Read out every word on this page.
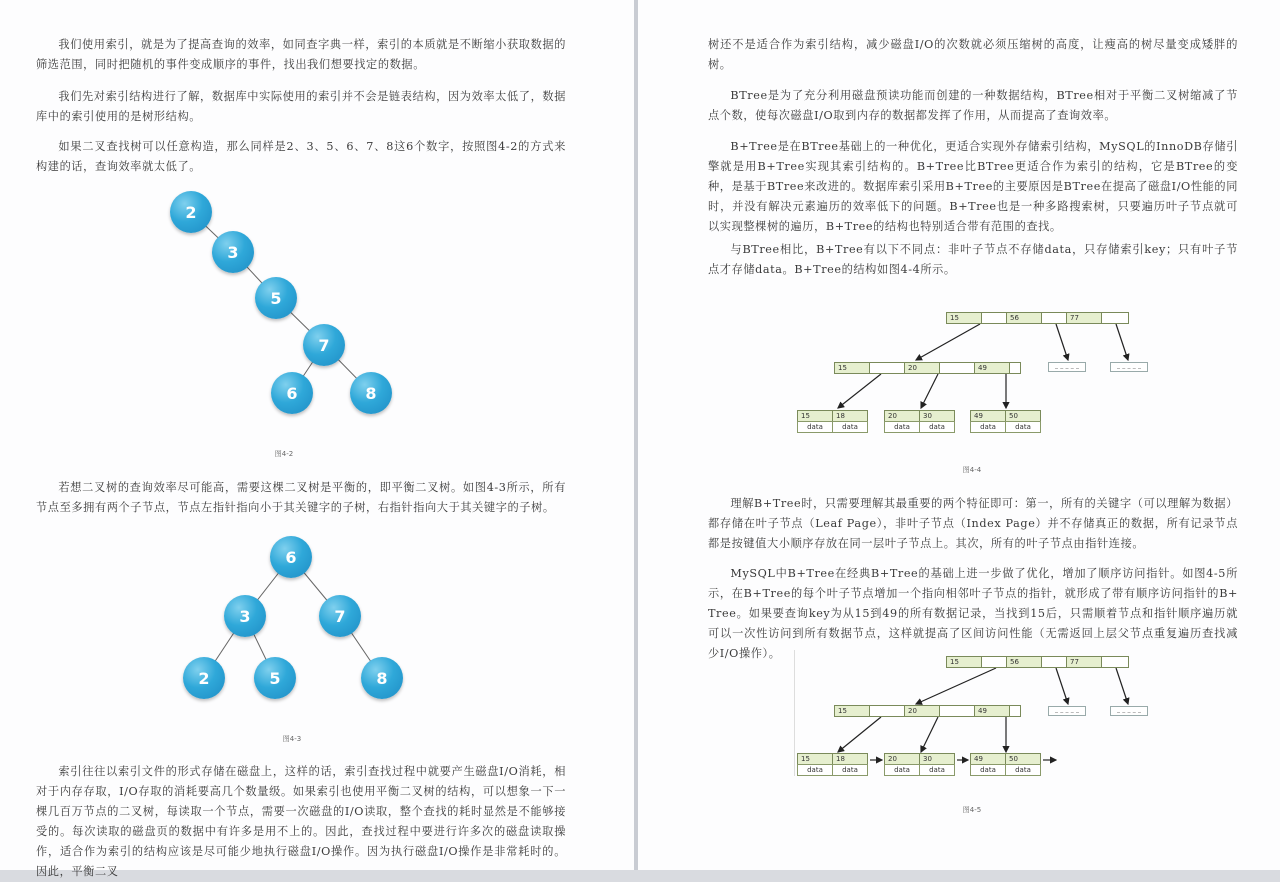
我们使用索引，就是为了提高查询的效率，如同查字典一样，索引的本质就是不断缩小获取数据的筛选范围，同时把随机的事件变成顺序的事件，找出我们想要找定的数据。

我们先对索引结构进行了解，数据库中实际使用的索引并不会是链表结构，因为效率太低了，数据库中的索引使用的是树形结构。

如果二叉查找树可以任意构造，那么同样是2、3、5、6、7、8这6个数字，按照图4-2的方式来构建的话，查询效率就太低了。

2
3
5
7
6	8
图4-2

若想二叉树的查询效率尽可能高，需要这棵二叉树是平衡的，即平衡二叉树。如图4-3所示，所有节点至多拥有两个子节点，节点左指针指向小于其关键字的子树，右指针指向大于其关键字的子树。

6
3	7
2	5	8
图4-3

索引往往以索引文件的形式存储在磁盘上，这样的话，索引查找过程中就要产生磁盘I/O消耗，相对于内存存取，I/O存取的消耗要高几个数量级。如果索引也使用平衡二叉树的结构，可以想象一下一棵几百万节点的二叉树，每读取一个节点，需要一次磁盘的I/O读取，整个查找的耗时显然是不能够接受的。每次读取的磁盘页的数据中有许多是用不上的。因此，查找过程中要进行许多次的磁盘读取操作，适合作为索引的结构应该是尽可能少地执行磁盘I/O操作。因为执行磁盘I/O操作是非常耗时的。因此，平衡二叉

树还不是适合作为索引结构，减少磁盘I/O的次数就必须压缩树的高度，让瘦高的树尽量变成矮胖的树。

BTree是为了充分利用磁盘预读功能而创建的一种数据结构，BTree相对于平衡二叉树缩减了节点个数，使每次磁盘I/O取到内存的数据都发挥了作用，从而提高了查询效率。

B+Tree是在BTree基础上的一种优化，更适合实现外存储索引结构，MySQL的InnoDB存储引擎就是用B+Tree实现其索引结构的。B+Tree比BTree更适合作为索引的结构，它是BTree的变种，是基于BTree来改进的。数据库索引采用B+Tree的主要原因是BTree在提高了磁盘I/O性能的同时，并没有解决元素遍历的效率低下的问题。B+Tree也是一种多路搜索树，只要遍历叶子节点就可以实现整棵树的遍历，B+Tree的结构也特别适合带有范围的查找。

与BTree相比，B+Tree有以下不同点：非叶子节点不存储data，只存储索引key；只有叶子节点才存储data。B+Tree的结构如图4-4所示。

15	56	77
15	20	49
15	18
data	data
20	30
data	data
49	50
data	data
图4-4

理解B+Tree时，只需要理解其最重要的两个特征即可：第一，所有的关键字（可以理解为数据）都存储在叶子节点（Leaf Page），非叶子节点（Index Page）并不存储真正的数据，所有记录节点都是按键值大小顺序存放在同一层叶子节点上。其次，所有的叶子节点由指针连接。

MySQL中B+Tree在经典B+Tree的基础上进一步做了优化，增加了顺序访问指针。如图4-5所示，在B+Tree的每个叶子节点增加一个指向相邻叶子节点的指针，就形成了带有顺序访问指针的B+Tree。如果要查询key为从15到49的所有数据记录，当找到15后，只需顺着节点和指针顺序遍历就可以一次性访问到所有数据节点，这样就提高了区间访问性能（无需返回上层父节点重复遍历查找减少I/O操作）。

15	56	77
15	20	49
15	18
data	data
20	30
data	data
49	50
data	data
图4-5
